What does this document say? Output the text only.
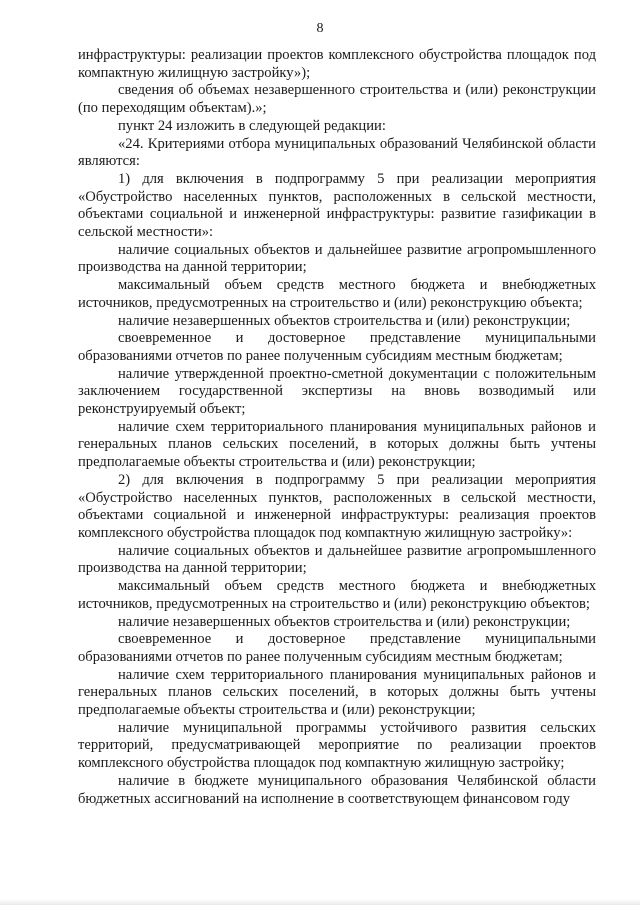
8

инфраструктуры: реализации проектов комплексного обустройства площадок под компактную жилищную застройку»);

сведения об объемах незавершенного строительства и (или) реконструкции (по переходящим объектам).»;

пункт 24 изложить в следующей редакции:

«24. Критериями отбора муниципальных образований Челябинской области являются:

1) для включения в подпрограмму 5 при реализации мероприятия «Обустройство населенных пунктов, расположенных в сельской местности, объектами социальной и инженерной инфраструктуры: развитие газификации в сельской местности»:

наличие социальных объектов и дальнейшее развитие агропромышленного производства на данной территории;

максимальный объем средств местного бюджета и внебюджетных источников, предусмотренных на строительство и (или) реконструкцию объекта;

наличие незавершенных объектов строительства и (или) реконструкции;

своевременное и достоверное представление муниципальными образованиями отчетов по ранее полученным субсидиям местным бюджетам;

наличие утвержденной проектно-сметной документации с положительным заключением государственной экспертизы на вновь возводимый или реконструируемый объект;

наличие схем территориального планирования муниципальных районов и генеральных планов сельских поселений, в которых должны быть учтены предполагаемые объекты строительства и (или) реконструкции;

2) для включения в подпрограмму 5 при реализации мероприятия «Обустройство населенных пунктов, расположенных в сельской местности, объектами социальной и инженерной инфраструктуры: реализация проектов комплексного обустройства площадок под компактную жилищную застройку»:

наличие социальных объектов и дальнейшее развитие агропромышленного производства на данной территории;

максимальный объем средств местного бюджета и внебюджетных источников, предусмотренных на строительство и (или) реконструкцию объектов;

наличие незавершенных объектов строительства и (или) реконструкции;

своевременное и достоверное представление муниципальными образованиями отчетов по ранее полученным субсидиям местным бюджетам;

наличие схем территориального планирования муниципальных районов и генеральных планов сельских поселений, в которых должны быть учтены предполагаемые объекты строительства и (или) реконструкции;

наличие муниципальной программы устойчивого развития сельских территорий, предусматривающей мероприятие по реализации проектов комплексного обустройства площадок под компактную жилищную застройку;

наличие в бюджете муниципального образования Челябинской области бюджетных ассигнований на исполнение в соответствующем финансовом году
